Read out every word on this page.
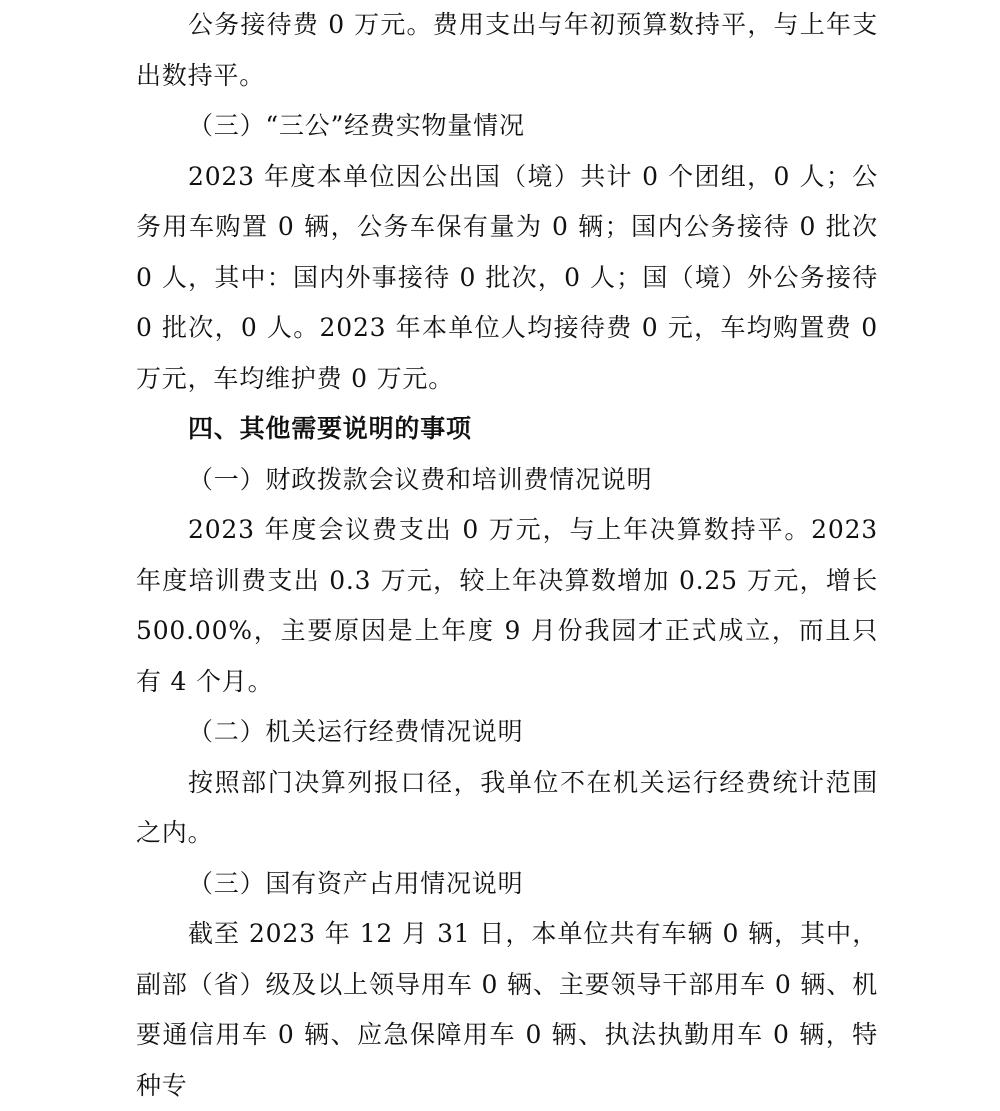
公务接待费 0 万元。费用支出与年初预算数持平，与上年支出数持平。

（三）“三公”经费实物量情况

2023 年度本单位因公出国（境）共计 0 个团组，0 人；公务用车购置 0 辆，公务车保有量为 0 辆；国内公务接待 0 批次 0 人，其中：国内外事接待 0 批次，0 人；国（境）外公务接待 0 批次，0 人。2023 年本单位人均接待费 0 元，车均购置费 0 万元，车均维护费 0 万元。

四、其他需要说明的事项

（一）财政拨款会议费和培训费情况说明

2023 年度会议费支出 0 万元，与上年决算数持平。2023 年度培训费支出 0.3 万元，较上年决算数增加 0.25 万元，增长 500.00%，主要原因是上年度 9 月份我园才正式成立，而且只有 4 个月。

（二）机关运行经费情况说明

按照部门决算列报口径，我单位不在机关运行经费统计范围之内。

（三）国有资产占用情况说明

截至 2023 年 12 月 31 日，本单位共有车辆 0 辆，其中，副部（省）级及以上领导用车 0 辆、主要领导干部用车 0 辆、机要通信用车 0 辆、应急保障用车 0 辆、执法执勤用车 0 辆，特种专
